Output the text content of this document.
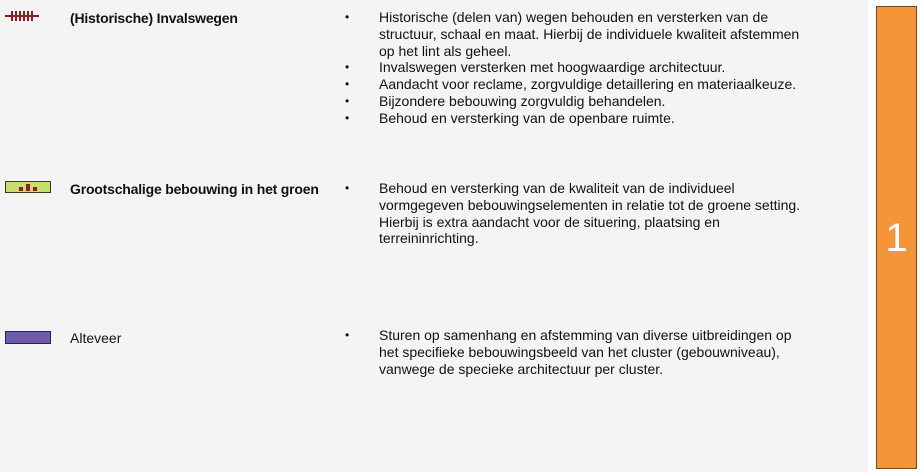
(Historische) Invalswegen	• Historische (delen van) wegen behouden en versterken van de structuur, schaal en maat. Hierbij de individuele kwaliteit afstemmen op het lint als geheel.
• Invalswegen versterken met hoogwaardige architectuur.
• Aandacht voor reclame, zorgvuldige detaillering en materiaalkeuze.
• Bijzondere bebouwing zorgvuldig behandelen.
• Behoud en versterking van de openbare ruimte.
Grootschalige bebouwing in het groen • Behoud en versterking van de kwaliteit van de individueel vormgegeven bebouwingselementen in relatie tot de groene setting. Hierbij is extra aandacht voor de situering, plaatsing en terreininrichting.
Alteveer	• Sturen op samenhang en afstemming van diverse uitbreidingen op het specifieke bebouwingsbeeld van het cluster (gebouwniveau), vanwege de specieke architectuur per cluster.
1
